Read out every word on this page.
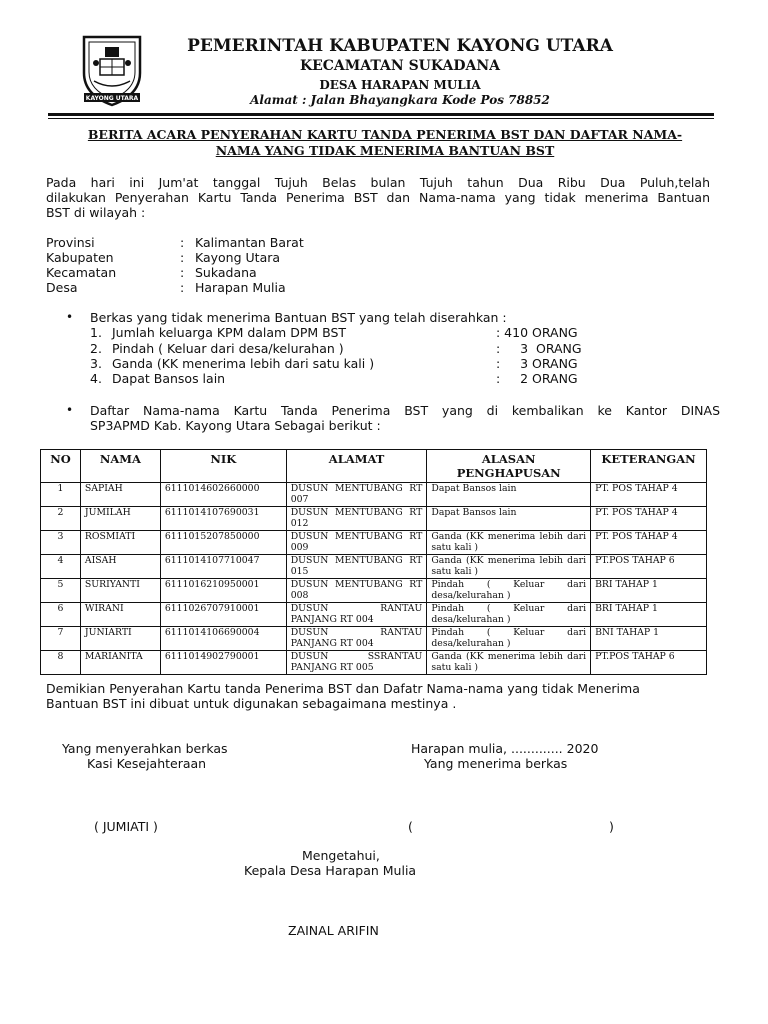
KAYONG UTARA
PEMERINTAH KABUPATEN KAYONG UTARA
KECAMATAN SUKADANA
DESA HARAPAN MULIA
Alamat : Jalan Bhayangkara Kode Pos 78852
BERITA ACARA PENYERAHAN KARTU TANDA PENERIMA BST DAN DAFTAR NAMA-
NAMA YANG TIDAK MENERIMA BANTUAN BST
Pada hari ini Jum'at tanggal Tujuh Belas bulan Tujuh tahun Dua Ribu Dua Puluh,telah
dilakukan Penyerahan Kartu Tanda Penerima BST dan Nama-nama yang tidak menerima Bantuan
BST di wilayah :
Provinsi	: Kalimantan Barat
Kabupaten	: Kayong Utara
Kecamatan	: Sukadana
Desa	: Harapan Mulia
• Berkas yang tidak menerima Bantuan BST yang telah diserahkan :
1. Jumlah keluarga KPM dalam DPM BST	: 410 ORANG
2. Pindah ( Keluar dari desa/kelurahan )	:     3  ORANG
3. Ganda (KK menerima lebih dari satu kali )	:     3 ORANG
4. Dapat Bansos lain	:     2 ORANG
• Daftar Nama-nama Kartu Tanda Penerima BST yang di kembalikan ke Kantor DINAS
SP3APMD Kab. Kayong Utara Sebagai berikut :
NO	NAMA	NIK	ALAMAT	ALASAN PENGHAPUSAN	KETERANGAN
1	SAPIAH	6111014602660000	DUSUN MENTUBANG RT 007	Dapat Bansos lain	PT. POS TAHAP 4
2	JUMILAH	6111014107690031	DUSUN MENTUBANG RT 012	Dapat Bansos lain	PT. POS TAHAP 4
3	ROSMIATI	6111015207850000	DUSUN MENTUBANG RT 009	Ganda (KK menerima lebih dari satu kali )	PT. POS TAHAP 4
4	AISAH	6111014107710047	DUSUN MENTUBANG RT 015	Ganda (KK menerima lebih dari satu kali )	PT.POS TAHAP 6
5	SURIYANTI	6111016210950001	DUSUN MENTUBANG RT 008	Pindah ( Keluar dari desa/kelurahan )	BRI TAHAP 1
6	WIRANI	6111026707910001	DUSUN RANTAU PANJANG RT 004	Pindah ( Keluar dari desa/kelurahan )	BRI TAHAP 1
7	JUNIARTI	6111014106690004	DUSUN RANTAU PANJANG RT 004	Pindah ( Keluar dari desa/kelurahan )	BNI TAHAP 1
8	MARIANITA	6111014902790001	DUSUN SSRANTAU PANJANG RT 005	Ganda (KK menerima lebih dari satu kali )	PT.POS TAHAP 6
Demikian Penyerahan Kartu tanda Penerima BST dan Dafatr Nama-nama yang tidak Menerima
Bantuan BST ini dibuat untuk digunakan sebagaimana mestinya .
Yang menyerahkan berkas
Kasi Kesejahteraan
Harapan mulia, ............. 2020
Yang menerima berkas
( JUMIATI )	(	)
Mengetahui,
Kepala Desa Harapan Mulia
ZAINAL ARIFIN
